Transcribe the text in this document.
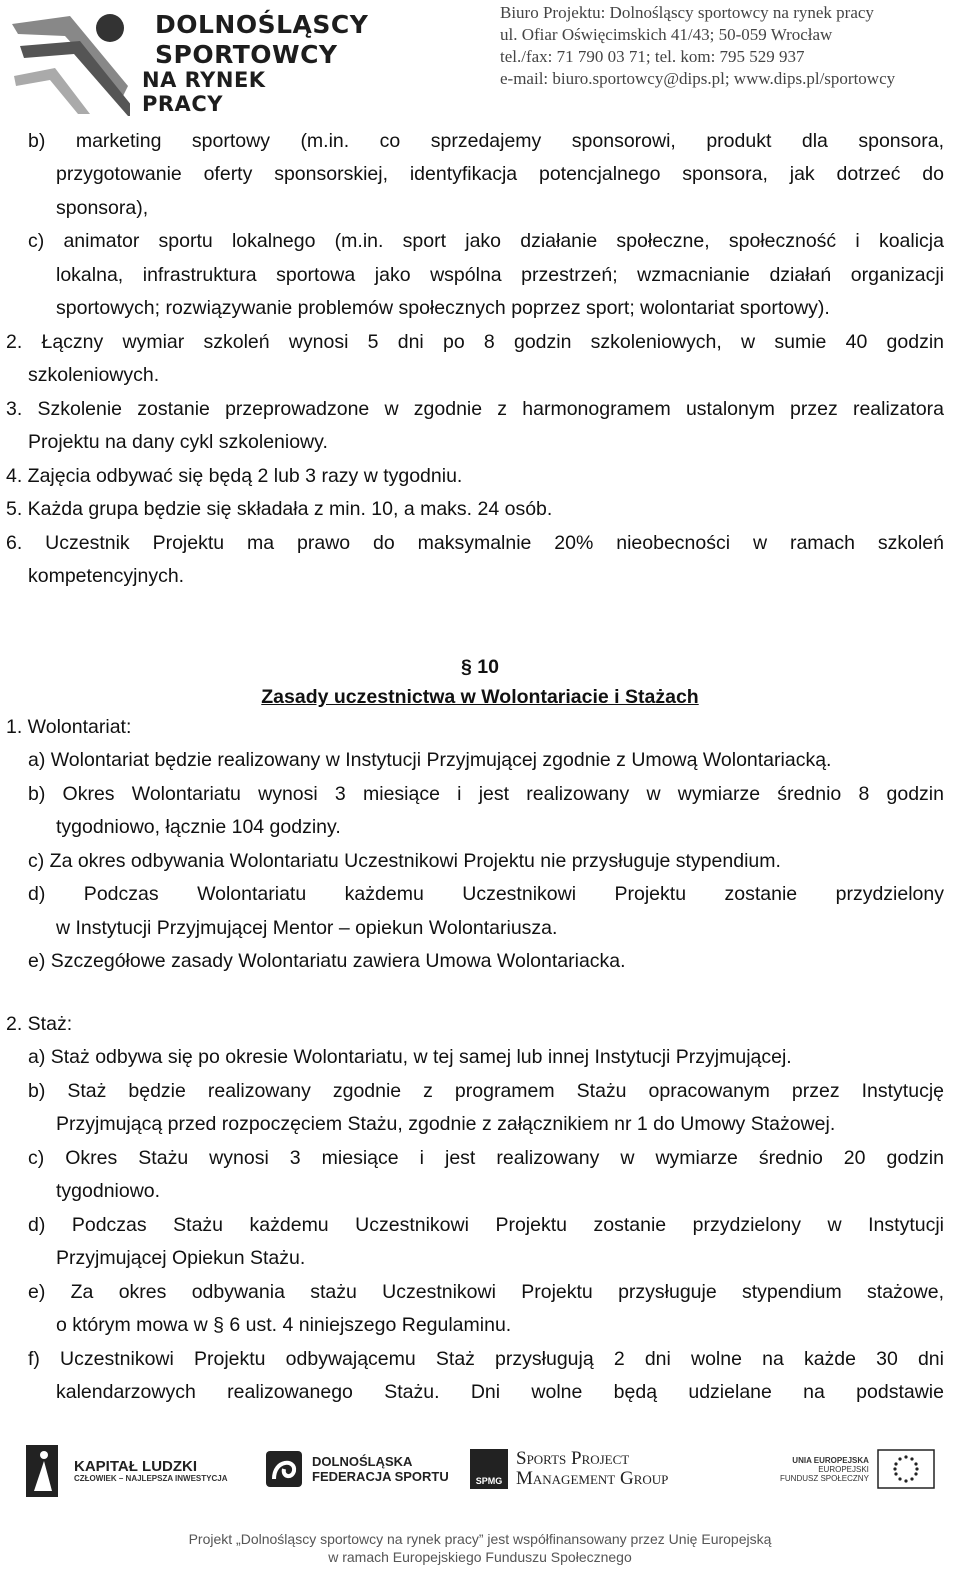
DOLNOŚLĄSCY
SPORTOWCY
NA RYNEK PRACY
Biuro Projektu: Dolnośląscy sportowcy na rynek pracy
ul. Ofiar Oświęcimskich 41/43; 50-059 Wrocław
tel./fax: 71 790 03 71; tel. kom: 795 529 937
e-mail: biuro.sportowcy@dips.pl; www.dips.pl/sportowcy
b) marketing sportowy (m.in. co sprzedajemy sponsorowi, produkt dla sponsora,
przygotowanie oferty sponsorskiej, identyfikacja potencjalnego sponsora, jak dotrzeć do
sponsora),
c) animator sportu lokalnego (m.in. sport jako działanie społeczne, społeczność i koalicja
lokalna, infrastruktura sportowa jako wspólna przestrzeń; wzmacnianie działań organizacji
sportowych; rozwiązywanie problemów społecznych poprzez sport; wolontariat sportowy).
2. Łączny wymiar szkoleń wynosi 5 dni po 8 godzin szkoleniowych, w sumie 40 godzin
szkoleniowych.
3. Szkolenie zostanie przeprowadzone w zgodnie z harmonogramem ustalonym przez realizatora
Projektu na dany cykl szkoleniowy.
4. Zajęcia odbywać się będą 2 lub 3 razy w tygodniu.
5. Każda grupa będzie się składała z min. 10, a maks. 24 osób.
6. Uczestnik Projektu ma prawo do maksymalnie 20% nieobecności w ramach szkoleń
kompetencyjnych.
§ 10
Zasady uczestnictwa w Wolontariacie i Stażach
1. Wolontariat:
a) Wolontariat będzie realizowany w Instytucji Przyjmującej zgodnie z Umową Wolontariacką.
b) Okres Wolontariatu wynosi 3 miesiące i jest realizowany w wymiarze średnio 8 godzin
tygodniowo, łącznie 104 godziny.
c) Za okres odbywania Wolontariatu Uczestnikowi Projektu nie przysługuje stypendium.
d) Podczas Wolontariatu każdemu Uczestnikowi Projektu zostanie przydzielony
w Instytucji Przyjmującej Mentor – opiekun Wolontariusza.
e) Szczegółowe zasady Wolontariatu zawiera Umowa Wolontariacka.
2. Staż:
a) Staż odbywa się po okresie Wolontariatu, w tej samej lub innej Instytucji Przyjmującej.
b) Staż będzie realizowany zgodnie z programem Stażu opracowanym przez Instytucję
Przyjmującą przed rozpoczęciem Stażu, zgodnie z załącznikiem nr 1 do Umowy Stażowej.
c) Okres Stażu wynosi 3 miesiące i jest realizowany w wymiarze średnio 20 godzin
tygodniowo.
d) Podczas Stażu każdemu Uczestnikowi Projektu zostanie przydzielony w Instytucji
Przyjmującej Opiekun Stażu.
e) Za okres odbywania stażu Uczestnikowi Projektu przysługuje stypendium stażowe,
o którym mowa w § 6 ust. 4 niniejszego Regulaminu.
f) Uczestnikowi Projektu odbywającemu Staż przysługują 2 dni wolne na każde 30 dni
kalendarzowych realizowanego Stażu. Dni wolne będą udzielane na podstawie
KAPITAŁ LUDZKI
CZŁOWIEK – NAJLEPSZA INWESTYCJA
DOLNOŚLĄSKA
FEDERACJA SPORTU	SPMG
Sports Project
Management Group
UNIA EUROPEJSKA
EUROPEJSKI
FUNDUSZ SPOŁECZNY
Projekt „Dolnośląscy sportowcy na rynek pracy” jest współfinansowany przez Unię Europejską
w ramach Europejskiego Funduszu Społecznego
